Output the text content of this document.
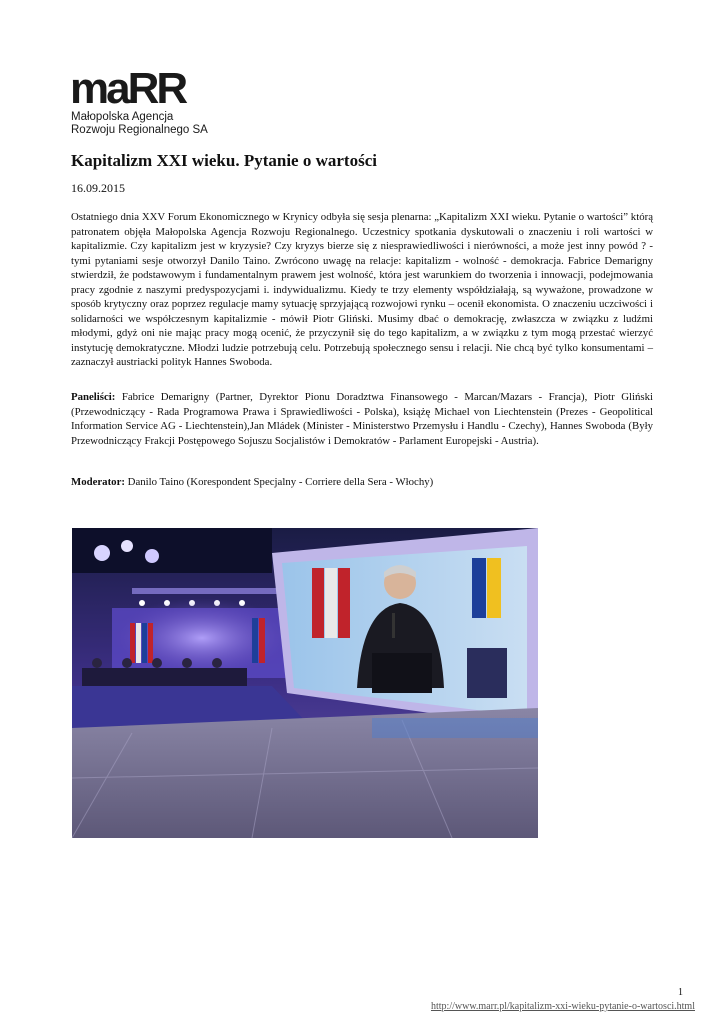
maRR
Małopolska Agencja
Rozwoju Regionalnego SA
Kapitalizm XXI wieku. Pytanie o wartości
16.09.2015

Ostatniego dnia XXV Forum Ekonomicznego w Krynicy odbyła się sesja plenarna: „Kapitalizm XXI wieku. Pytanie o wartości” którą patronatem objęła Małopolska Agencja Rozwoju Regionalnego. Uczestnicy spotkania dyskutowali o znaczeniu i roli wartości w kapitalizmie. Czy kapitalizm jest w kryzysie? Czy kryzys bierze się z niesprawiedliwości i nierówności, a może jest inny powód ? - tymi pytaniami sesje otworzył Danilo Taino. Zwrócono uwagę na relacje: kapitalizm - wolność - demokracja. Fabrice Demarigny stwierdził, że podstawowym i fundamentalnym prawem jest wolność, która jest warunkiem do tworzenia i innowacji, podejmowania pracy zgodnie z naszymi predyspozycjami i. indywidualizmu. Kiedy te trzy elementy współdziałają, są wyważone, prowadzone w sposób krytyczny oraz poprzez regulacje mamy sytuację sprzyjającą rozwojowi rynku – ocenił ekonomista. O znaczeniu uczciwości i solidarności we współczesnym kapitalizmie - mówił Piotr Gliński. Musimy dbać o demokrację, zwłaszcza w związku z ludźmi młodymi, gdyż oni nie mając pracy mogą ocenić, że przyczynił się do tego kapitalizm, a w związku z tym mogą przestać wierzyć instytucję demokratyczne. Młodzi ludzie potrzebują celu. Potrzebują społecznego sensu i relacji. Nie chcą być tylko konsumentami – zaznaczył austriacki polityk Hannes Swoboda.

Paneliści: Fabrice Demarigny (Partner, Dyrektor Pionu Doradztwa Finansowego - Marcan/Mazars - Francja), Piotr Gliński (Przewodniczący - Rada Programowa Prawa i Sprawiedliwości - Polska), książę Michael von Liechtenstein (Prezes - Geopolitical Information Service AG - Liechtenstein),Jan Mládek (Minister - Ministerstwo Przemysłu i Handlu - Czechy), Hannes Swoboda (Były Przewodniczący Frakcji Postępowego Sojuszu Socjalistów i Demokratów - Parlament Europejski - Austria).

Moderator: Danilo Taino (Korespondent Specjalny - Corriere della Sera - Włochy)

1
http://www.marr.pl/kapitalizm-xxi-wieku-pytanie-o-wartosci.html
